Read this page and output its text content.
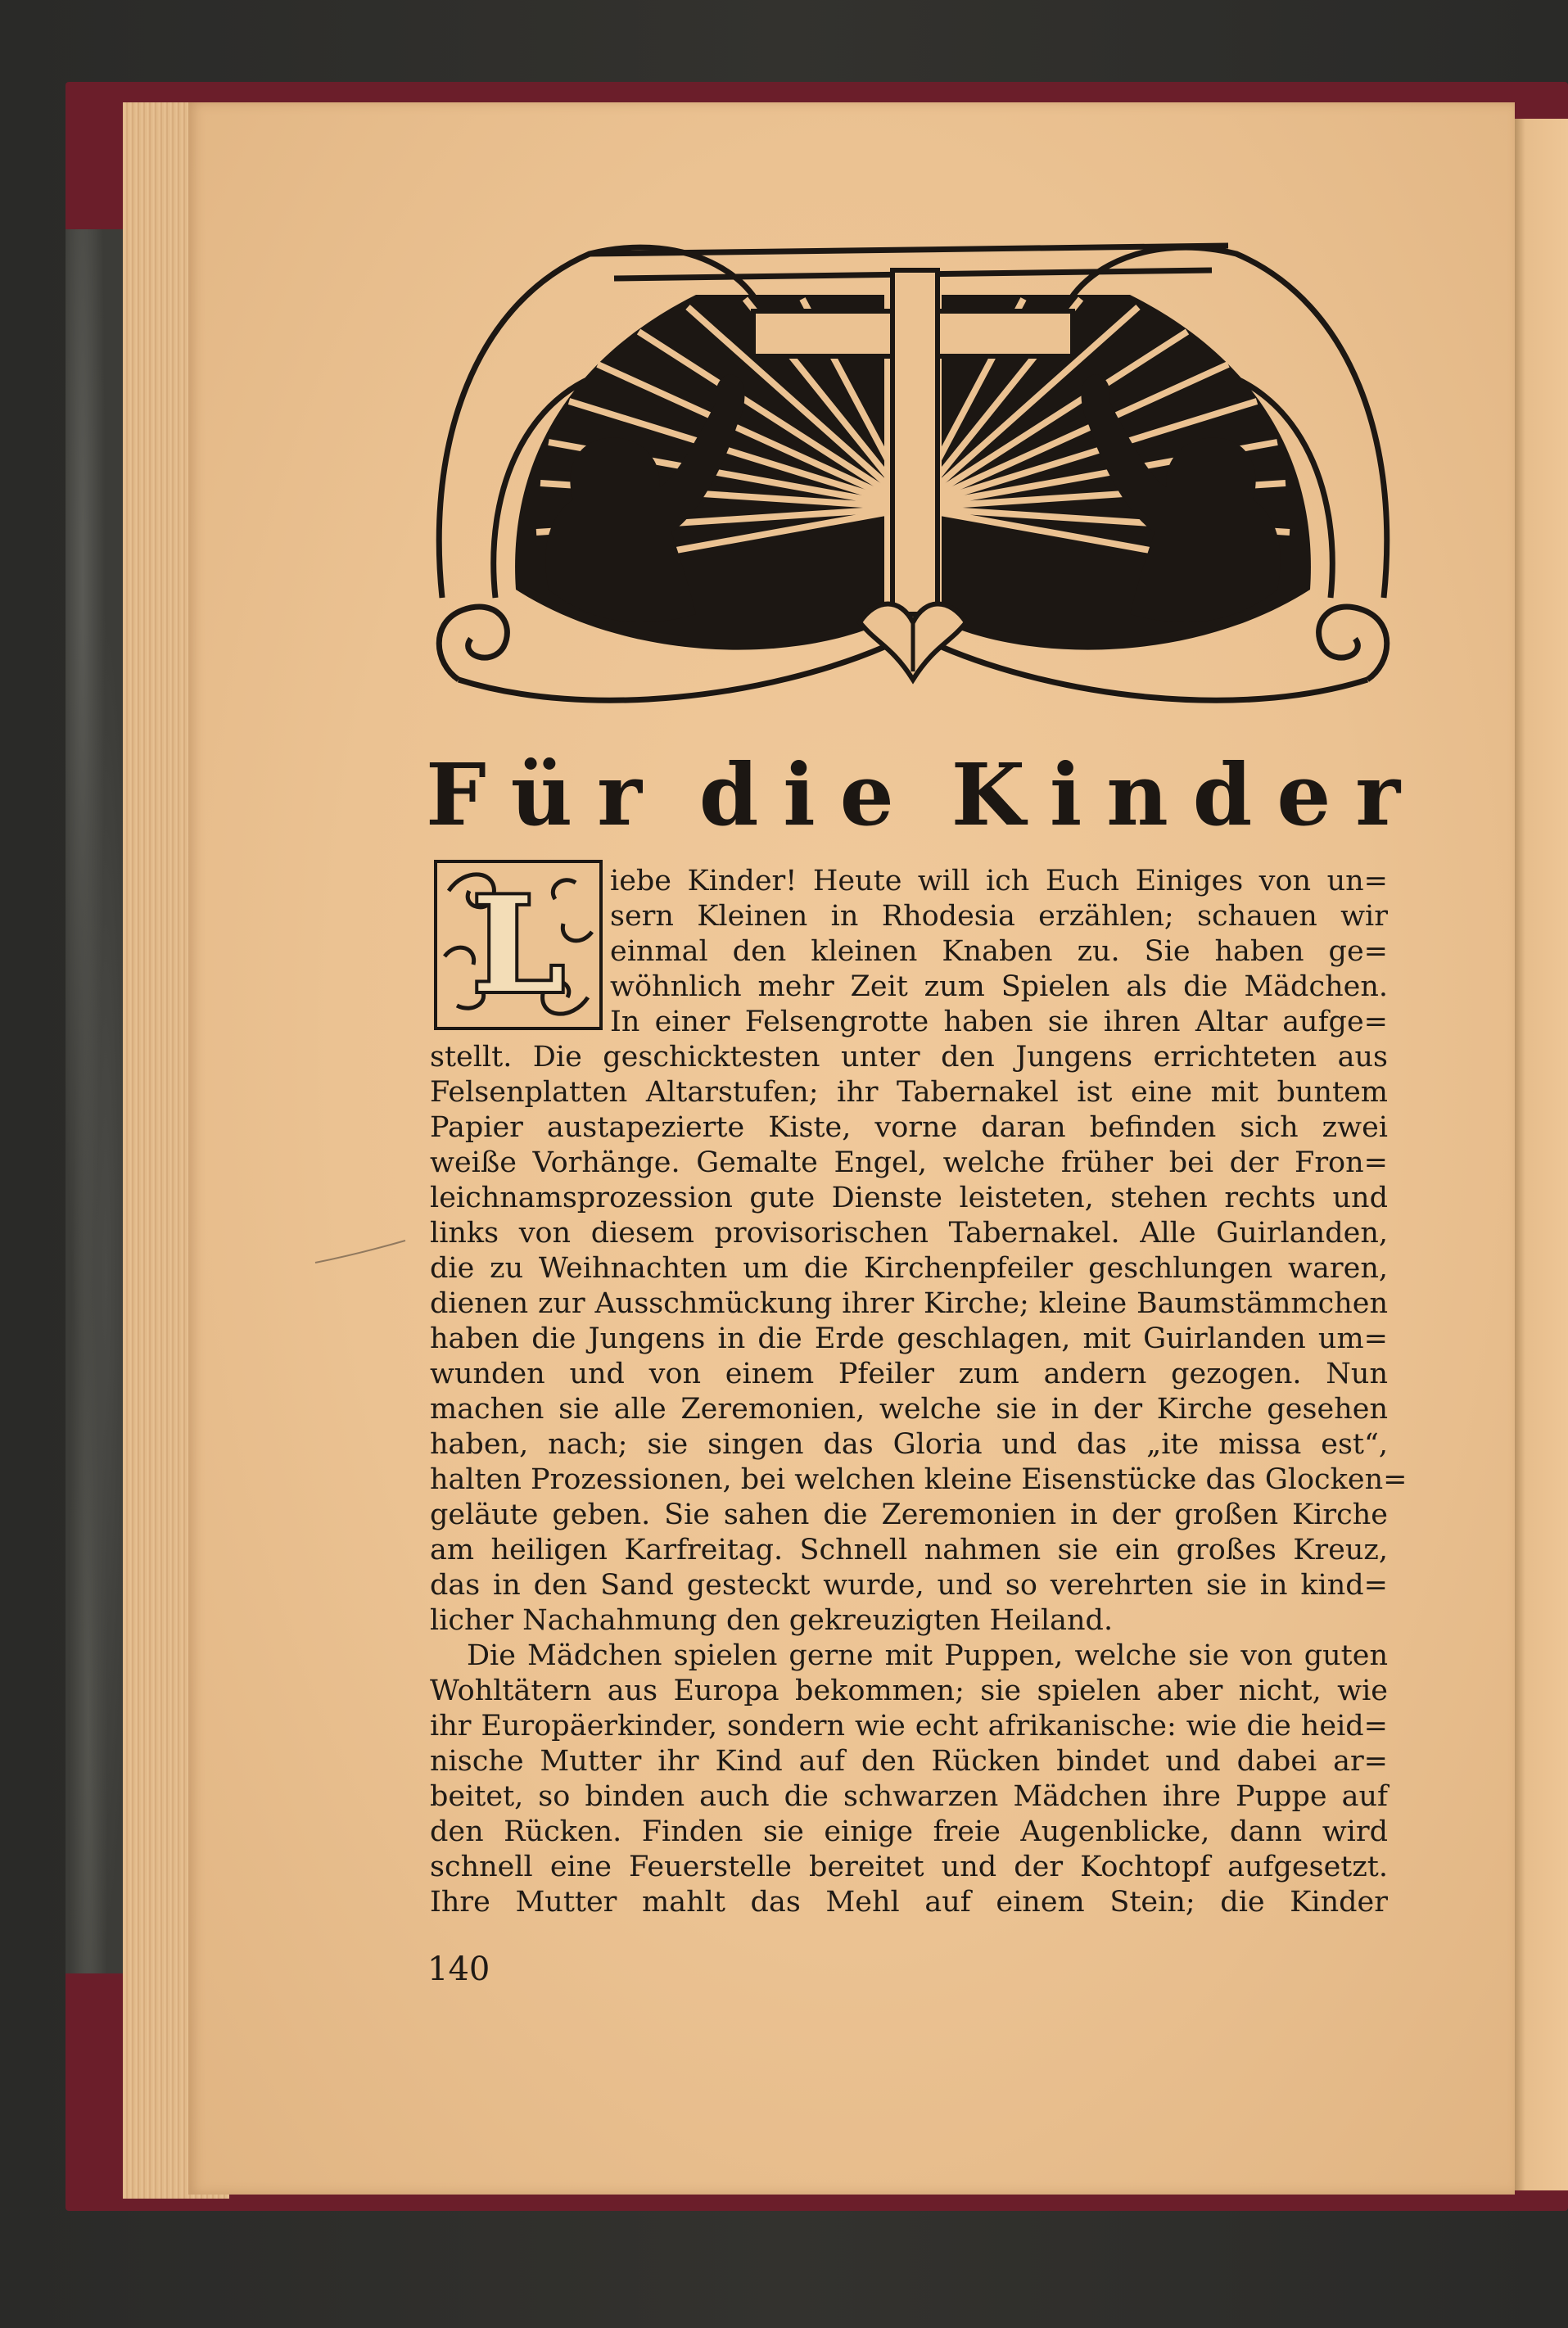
F ü r d i e K i n d e r
L	iebe Kinder! Heute will ich Euch Einiges von un=
sern Kleinen in Rhodesia erzählen; schauen wir
einmal den kleinen Knaben zu. Sie haben ge=
wöhnlich mehr Zeit zum Spielen als die Mädchen.
In einer Felsengrotte haben sie ihren Altar aufge=
stellt. Die geschicktesten unter den Jungens errichteten aus
Felsenplatten Altarstufen; ihr Tabernakel ist eine mit buntem
Papier austapezierte Kiste, vorne daran befinden sich zwei
weiße Vorhänge. Gemalte Engel, welche früher bei der Fron=
leichnamsprozession gute Dienste leisteten, stehen rechts und
links von diesem provisorischen Tabernakel. Alle Guirlanden,
die zu Weihnachten um die Kirchenpfeiler geschlungen waren,
dienen zur Ausschmückung ihrer Kirche; kleine Baumstämmchen
haben die Jungens in die Erde geschlagen, mit Guirlanden um=
wunden und von einem Pfeiler zum andern gezogen. Nun
machen sie alle Zeremonien, welche sie in der Kirche gesehen
haben, nach; sie singen das Gloria und das „ite missa est“,
halten Prozessionen, bei welchen kleine Eisenstücke das Glocken=
geläute geben. Sie sahen die Zeremonien in der großen Kirche
am heiligen Karfreitag. Schnell nahmen sie ein großes Kreuz,
das in den Sand gesteckt wurde, und so verehrten sie in kind=
licher Nachahmung den gekreuzigten Heiland.
Die Mädchen spielen gerne mit Puppen, welche sie von guten
Wohltätern aus Europa bekommen; sie spielen aber nicht, wie
ihr Europäerkinder, sondern wie echt afrikanische: wie die heid=
nische Mutter ihr Kind auf den Rücken bindet und dabei ar=
beitet, so binden auch die schwarzen Mädchen ihre Puppe auf
den Rücken. Finden sie einige freie Augenblicke, dann wird
schnell eine Feuerstelle bereitet und der Kochtopf aufgesetzt.
Ihre Mutter mahlt das Mehl auf einem Stein; die Kinder
140
